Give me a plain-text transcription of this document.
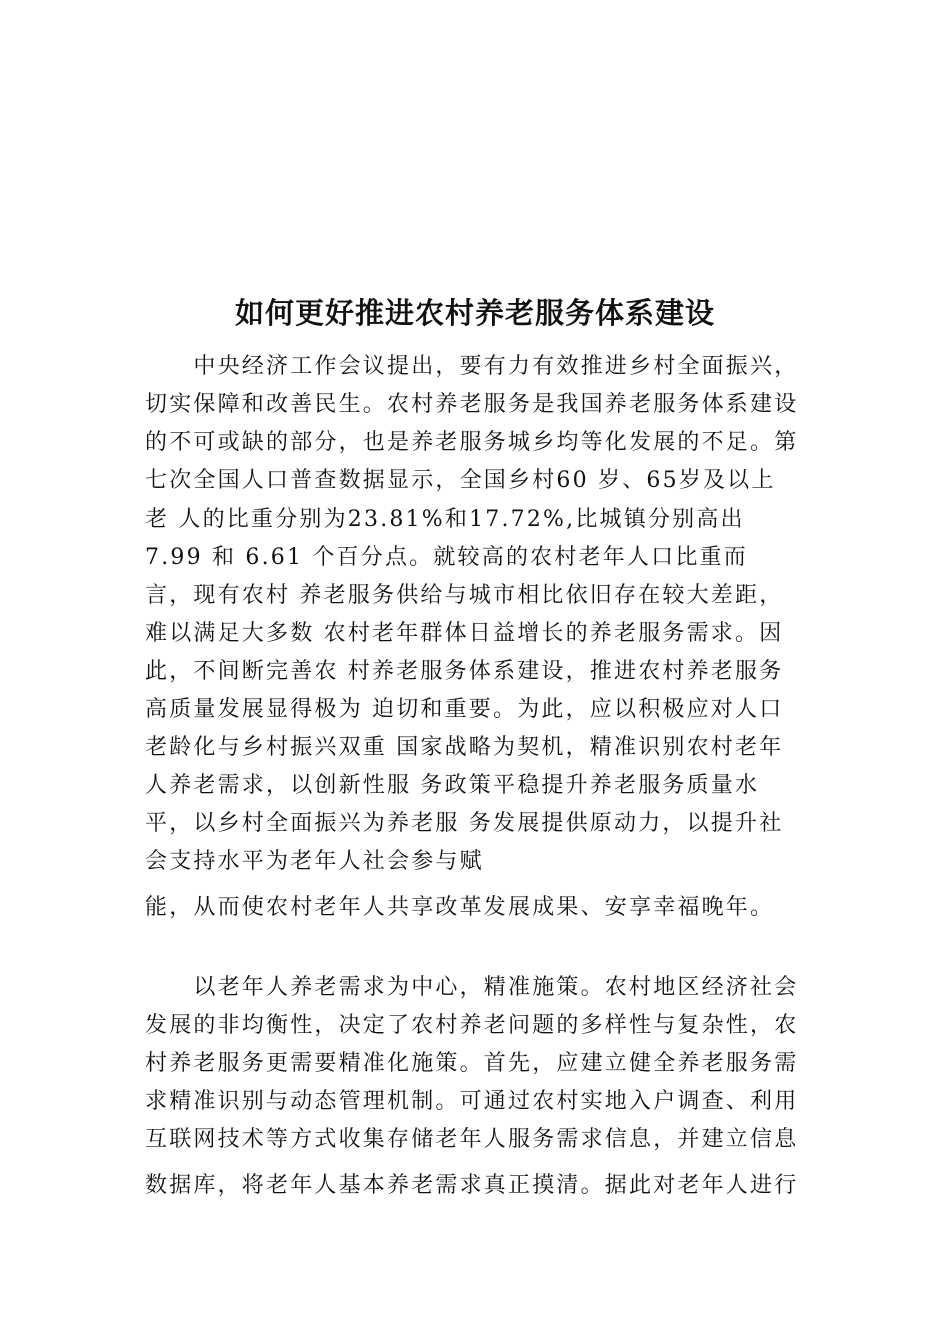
如何更好推进农村养老服务体系建设

　　中央经济工作会议提出，要有力有效推进乡村全面振兴，

切实保障和改善民生。农村养老服务是我国养老服务体系建设

的不可或缺的部分，也是养老服务城乡均等化发展的不足。第

七次全国人口普查数据显示，全国乡村60 岁、65岁及以上

老 人的比重分别为23.81%和17.72%,比城镇分别高出

7.99 和 6.61 个百分点。就较高的农村老年人口比重而

言，现有农村 养老服务供给与城市相比依旧存在较大差距，

难以满足大多数 农村老年群体日益增长的养老服务需求。因

此，不间断完善农 村养老服务体系建设，推进农村养老服务

高质量发展显得极为 迫切和重要。为此，应以积极应对人口

老龄化与乡村振兴双重 国家战略为契机，精准识别农村老年

人养老需求，以创新性服 务政策平稳提升养老服务质量水

平，以乡村全面振兴为养老服 务发展提供原动力，以提升社

会支持水平为老年人社会参与赋

能，从而使农村老年人共享改革发展成果、安享幸福晚年。

　　以老年人养老需求为中心，精准施策。农村地区经济社会

发展的非均衡性，决定了农村养老问题的多样性与复杂性，农

村养老服务更需要精准化施策。首先，应建立健全养老服务需

求精准识别与动态管理机制。可通过农村实地入户调查、利用

互联网技术等方式收集存储老年人服务需求信息，并建立信息

数据库，将老年人基本养老需求真正摸清。据此对老年人进行
